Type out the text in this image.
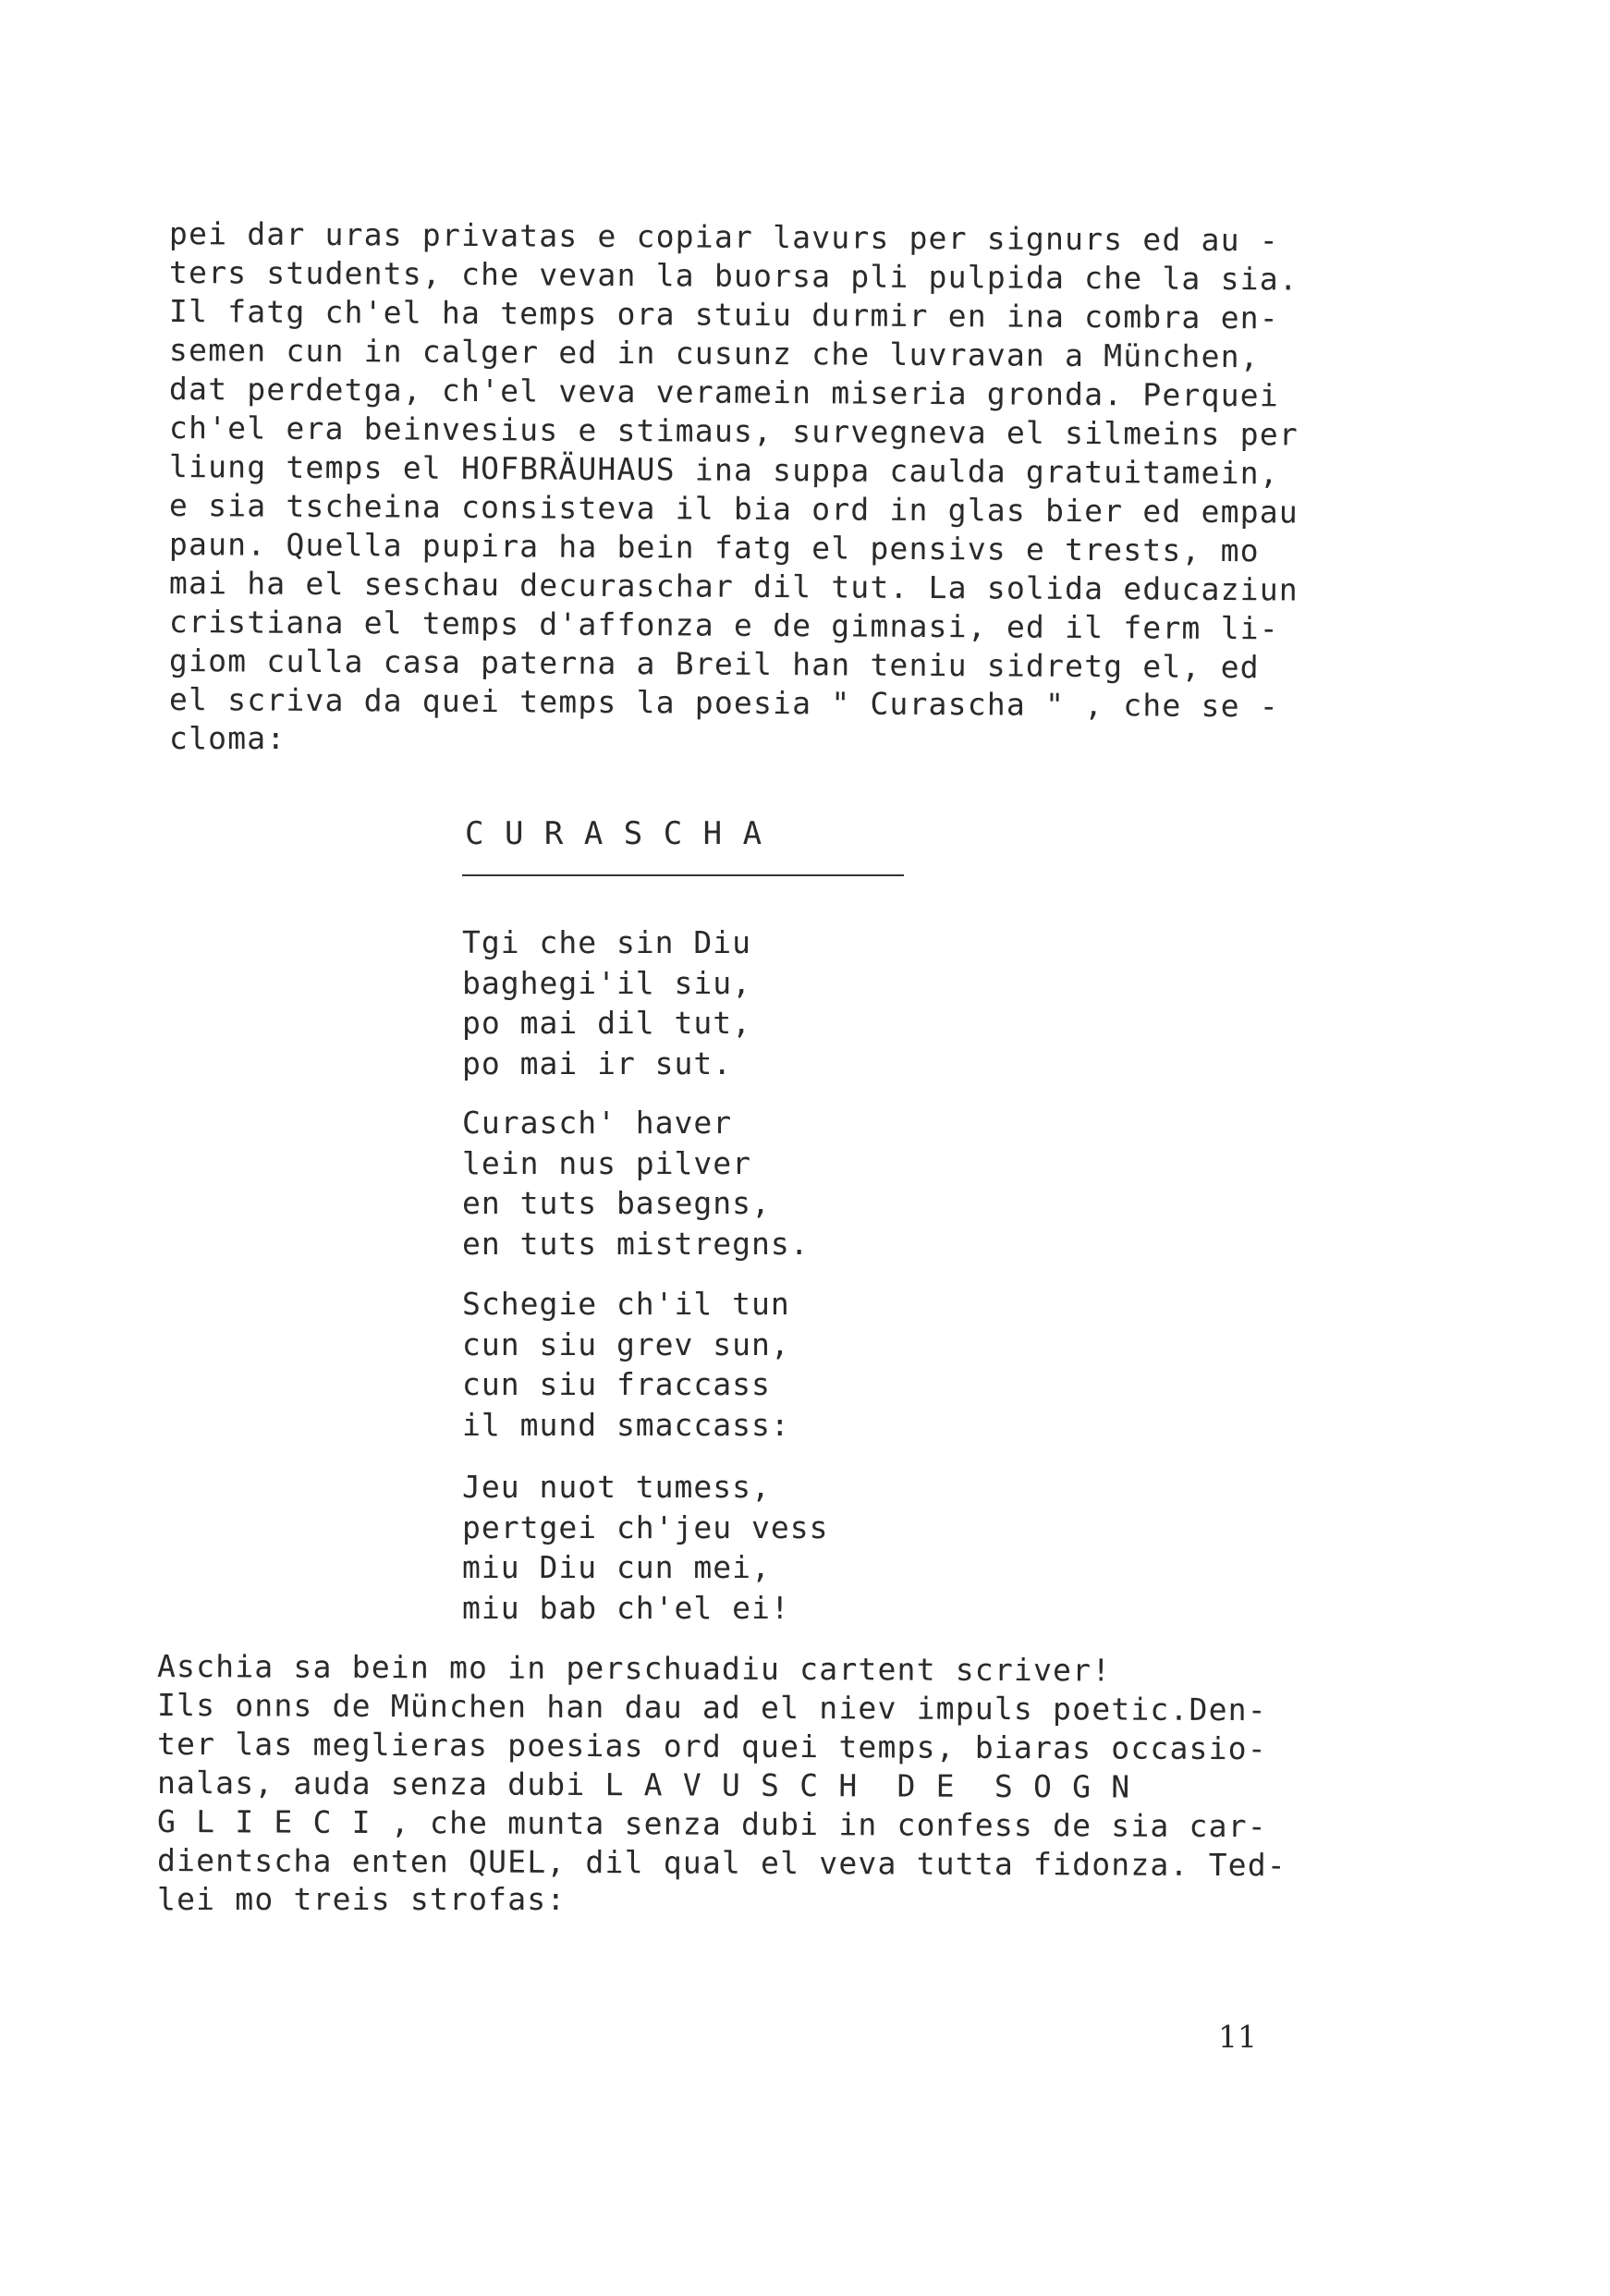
pei dar uras privatas e copiar lavurs per signurs ed au -
ters students, che vevan la buorsa pli pulpida che la sia.
Il fatg ch'el ha temps ora stuiu durmir en ina combra en-
semen cun in calger ed in cusunz che luvravan a München,
dat perdetga, ch'el veva veramein miseria gronda. Perquei
ch'el era beinvesius e stimaus, survegneva el silmeins per
liung temps el HOFBRÄUHAUS ina suppa caulda gratuitamein,
e sia tscheina consisteva il bia ord in glas bier ed empau
paun. Quella pupira ha bein fatg el pensivs e trests, mo
mai ha el seschau decuraschar dil tut. La solida educaziun
cristiana el temps d'affonza e de gimnasi, ed il ferm li-
giom culla casa paterna a Breil han teniu sidretg el, ed
el scriva da quei temps la poesia " Curascha " , che se -
cloma:

C U R A S C H A

Tgi che sin Diu
baghegi'il siu,
po mai dil tut,
po mai ir sut.
Curasch' haver
lein nus pilver
en tuts basegns,
en tuts mistregns.
Schegie ch'il tun
cun siu grev sun,
cun siu fraccass
il mund smaccass:
Jeu nuot tumess,
pertgei ch'jeu vess
miu Diu cun mei,
miu bab ch'el ei!
Aschia sa bein mo in perschuadiu cartent scriver!
Ils onns de München han dau ad el niev impuls poetic.Den-
ter las meglieras poesias ord quei temps, biaras occasio-
nalas, auda senza dubi L A V U S C H  D E  S O G N
G L I E C I , che munta senza dubi in confess de sia car-
dientscha enten QUEL, dil qual el veva tutta fidonza. Ted-
lei mo treis strofas:

11
